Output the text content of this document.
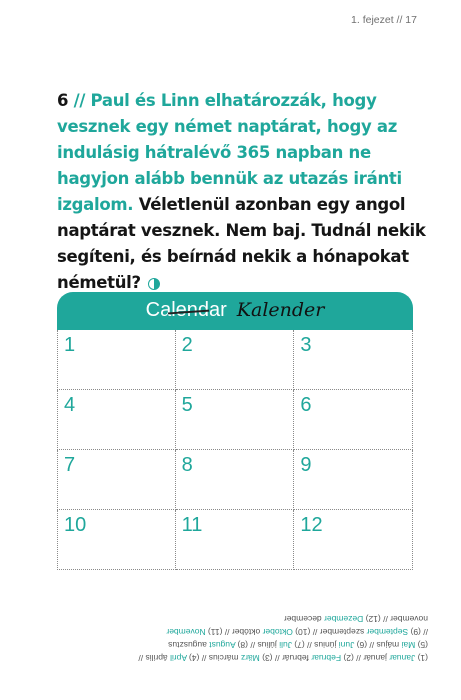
1. fejezet // 17
6 // Paul és Linn elhatározzák, hogy vesznek egy német naptárat, hogy az indulásig hátralévő 365 napban ne hagyjon alább bennük az utazás iránti izgalom. Véletlenül azonban egy angol naptárat vesznek. Nem baj. Tudnál nekik segíteni, és beírnád nekik a hónapokat németül?
Calendar Kalender
1	2	3
4	5	6
7	8	9
10	11	12
(1) Januar január // (2) Februar február // (3) März március // (4) April április //
(5) Mai május // (6) Juni június // (7) Juli július // (8) August augusztus
// (9) September szeptember // (10) Oktober október // (11) November
november // (12) Dezember december
